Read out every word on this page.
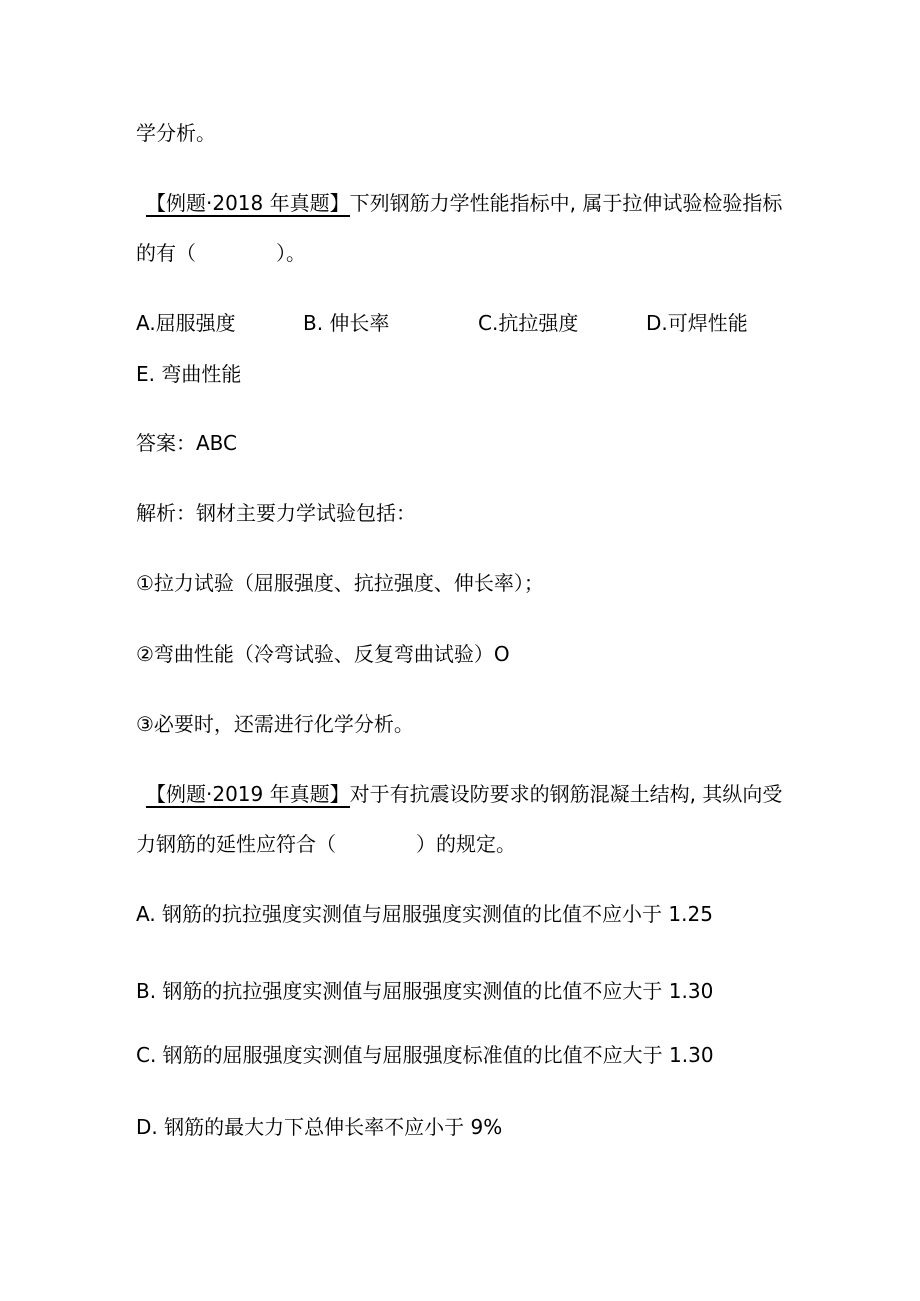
学分析。
【例题·2018 年真题】下列钢筋力学性能指标中, 属于拉伸试验检验指标
的有（　　　　）。
A.屈服强度	B. 伸长率	C.抗拉强度	D.可焊性能
E. 弯曲性能
答案：ABC
解析：钢材主要力学试验包括：
①拉力试验（屈服强度、抗拉强度、伸长率）；
②弯曲性能（冷弯试验、反复弯曲试验）O
③必要时，还需进行化学分析。
【例题·2019 年真题】对于有抗震设防要求的钢筋混凝土结构, 其纵向受
力钢筋的延性应符合（　　　　）的规定。
A. 钢筋的抗拉强度实测值与屈服强度实测值的比值不应小于 1.25
B. 钢筋的抗拉强度实测值与屈服强度实测值的比值不应大于 1.30
C. 钢筋的屈服强度实测值与屈服强度标准值的比值不应大于 1.30
D. 钢筋的最大力下总伸长率不应小于 9%
